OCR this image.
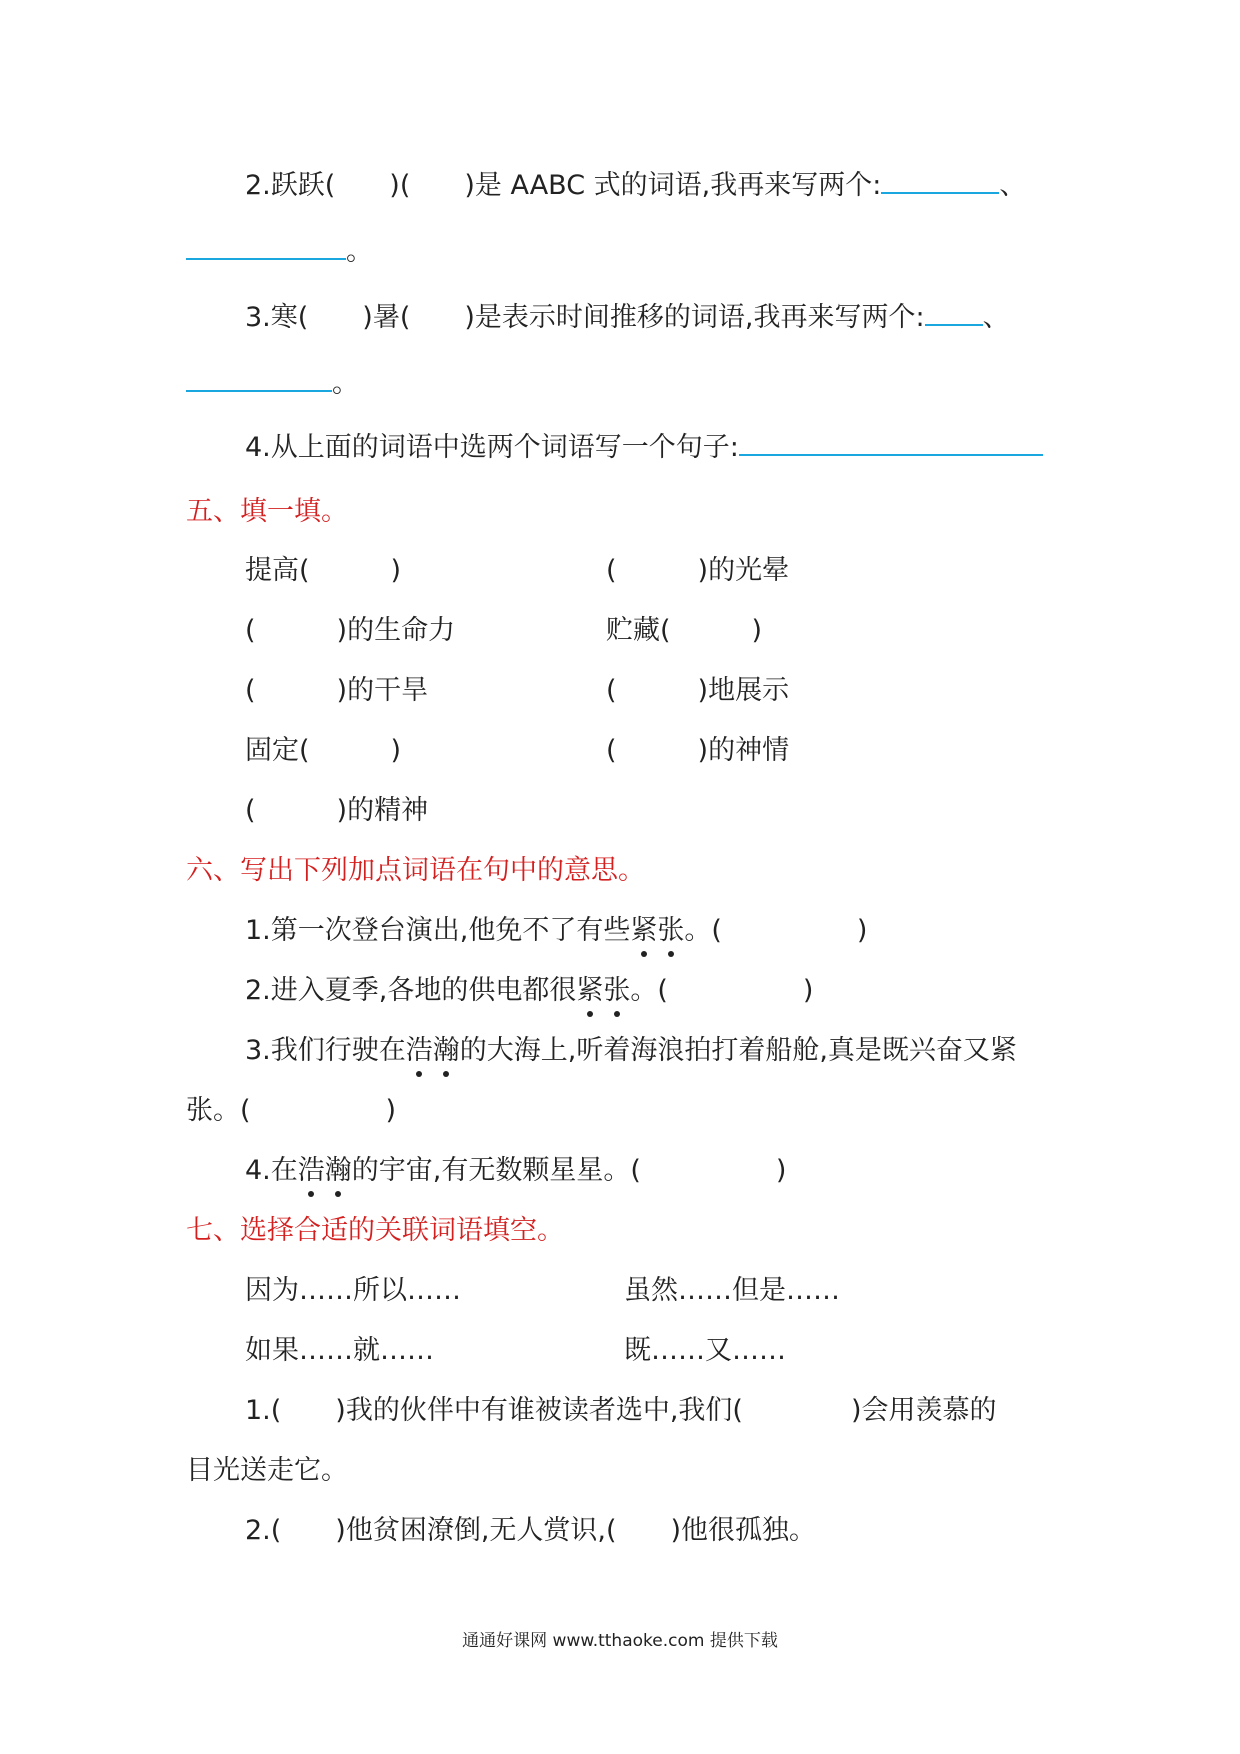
2.跃跃(　　)(　　)是 AABC 式的词语,我再来写两个:	、
。
3.寒(　　)暑(　　)是表示时间推移的词语,我再来写两个: 、
。
4.从上面的词语中选两个词语写一个句子:
五、填一填。
提高(　　　)	(　　　)的光晕
(　　　)的生命力	贮藏(　　　)
(　　　)的干旱	(　　　)地展示
固定(　　　)	(　　　)的神情
(　　　)的精神
六、写出下列加点词语在句中的意思。
1.第一次登台演出,他免不了有些紧张。(　　　　　)
2.进入夏季,各地的供电都很紧张。(　　　　　)
3.我们行驶在浩瀚的大海上,听着海浪拍打着船舱,真是既兴奋又紧
张。(　　　　　)
4.在浩瀚的宇宙,有无数颗星星。(　　　　　)
七、选择合适的关联词语填空。
因为……所以……	虽然……但是……
如果……就……	既……又……
1.(　　)我的伙伴中有谁被读者选中,我们(　　　　)会用羡慕的
目光送走它。
2.(　　)他贫困潦倒,无人赏识,(　　)他很孤独。
通通好课网 www.tthaoke.com 提供下载
